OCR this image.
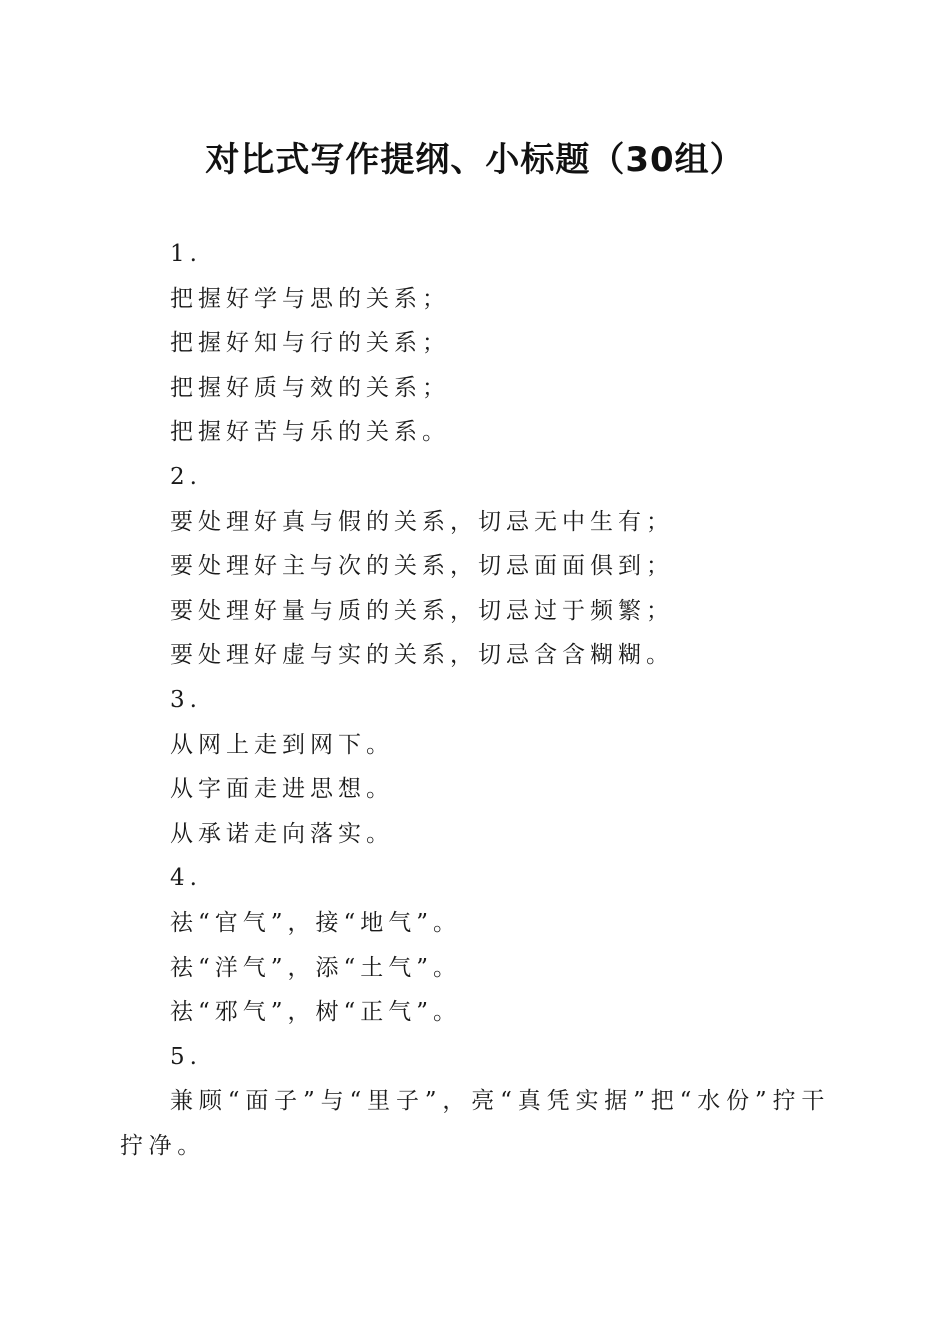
对比式写作提纲、小标题（30组）
1.
把握好学与思的关系；
把握好知与行的关系；
把握好质与效的关系；
把握好苦与乐的关系。
2.
要处理好真与假的关系，切忌无中生有；
要处理好主与次的关系，切忌面面俱到；
要处理好量与质的关系，切忌过于频繁；
要处理好虚与实的关系，切忌含含糊糊。
3.
从网上走到网下。
从字面走进思想。
从承诺走向落实。
4.
祛“官气”，接“地气”。
祛“洋气”，添“土气”。
祛“邪气”，树“正气”。
5.
兼顾“面子”与“里子”，亮“真凭实据”把“水份”拧干拧净。
